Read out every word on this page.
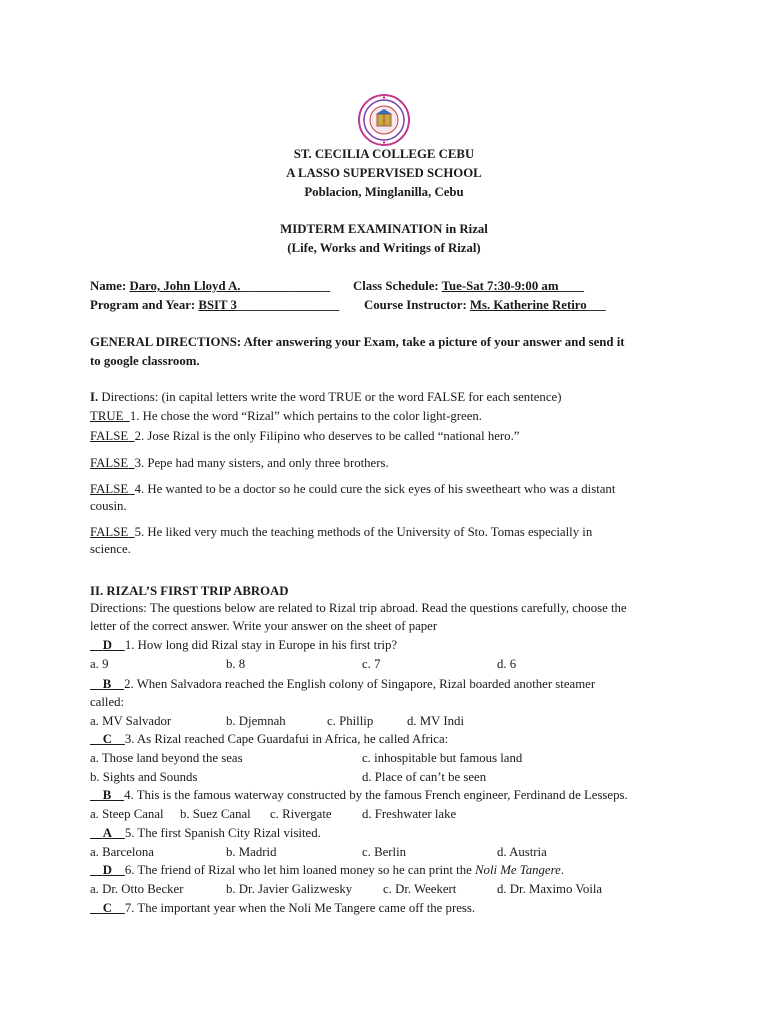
ST. CECILIA COLLEGE CEBU
A LASSO SUPERVISED SCHOOL
Poblacion, Minglanilla, Cebu
MIDTERM EXAMINATION in Rizal
(Life, Works and Writings of Rizal)
Name: Daro, John Lloyd A.______________ Class Schedule: Tue-Sat 7:30-9:00 am____
Program and Year: BSIT 3________________ Course Instructor: Ms. Katherine Retiro___
GENERAL DIRECTIONS: After answering your Exam, take a picture of your answer and send it
to google classroom.
I. Directions: (in capital letters write the word TRUE or the word FALSE for each sentence)
TRUE 1. He chose the word “Rizal” which pertains to the color light-green.
FALSE 2. Jose Rizal is the only Filipino who deserves to be called “national hero.”
FALSE 3. Pepe had many sisters, and only three brothers.
FALSE 4. He wanted to be a doctor so he could cure the sick eyes of his sweetheart who was a distant
cousin.
FALSE 5. He liked very much the teaching methods of the University of Sto. Tomas especially in
science.
II. RIZAL’S FIRST TRIP ABROAD
Directions: The questions below are related to Rizal trip abroad. Read the questions carefully, choose the
letter of the correct answer. Write your answer on the sheet of paper
D 1. How long did Rizal stay in Europe in his first trip?
a. 9	b. 8	c. 7	d. 6
B 2. When Salvadora reached the English colony of Singapore, Rizal boarded another steamer
called:
a. MV Salvador	b. Djemnah	c. Phillip	d. MV Indi
C 3. As Rizal reached Cape Guardafui in Africa, he called Africa:
a. Those land beyond the seas	c. inhospitable but famous land
b. Sights and Sounds	d. Place of can’t be seen
B 4. This is the famous waterway constructed by the famous French engineer, Ferdinand de Lesseps.
a. Steep Canal b. Suez Canal c. Rivergate d. Freshwater lake
A 5. The first Spanish City Rizal visited.
a. Barcelona	b. Madrid	c. Berlin	d. Austria
D 6. The friend of Rizal who let him loaned money so he can print the Noli Me Tangere.
a. Dr. Otto Becker	b. Dr. Javier Galizwesky c. Dr. Weekert	d. Dr. Maximo Voila
C 7. The important year when the Noli Me Tangere came off the press.
